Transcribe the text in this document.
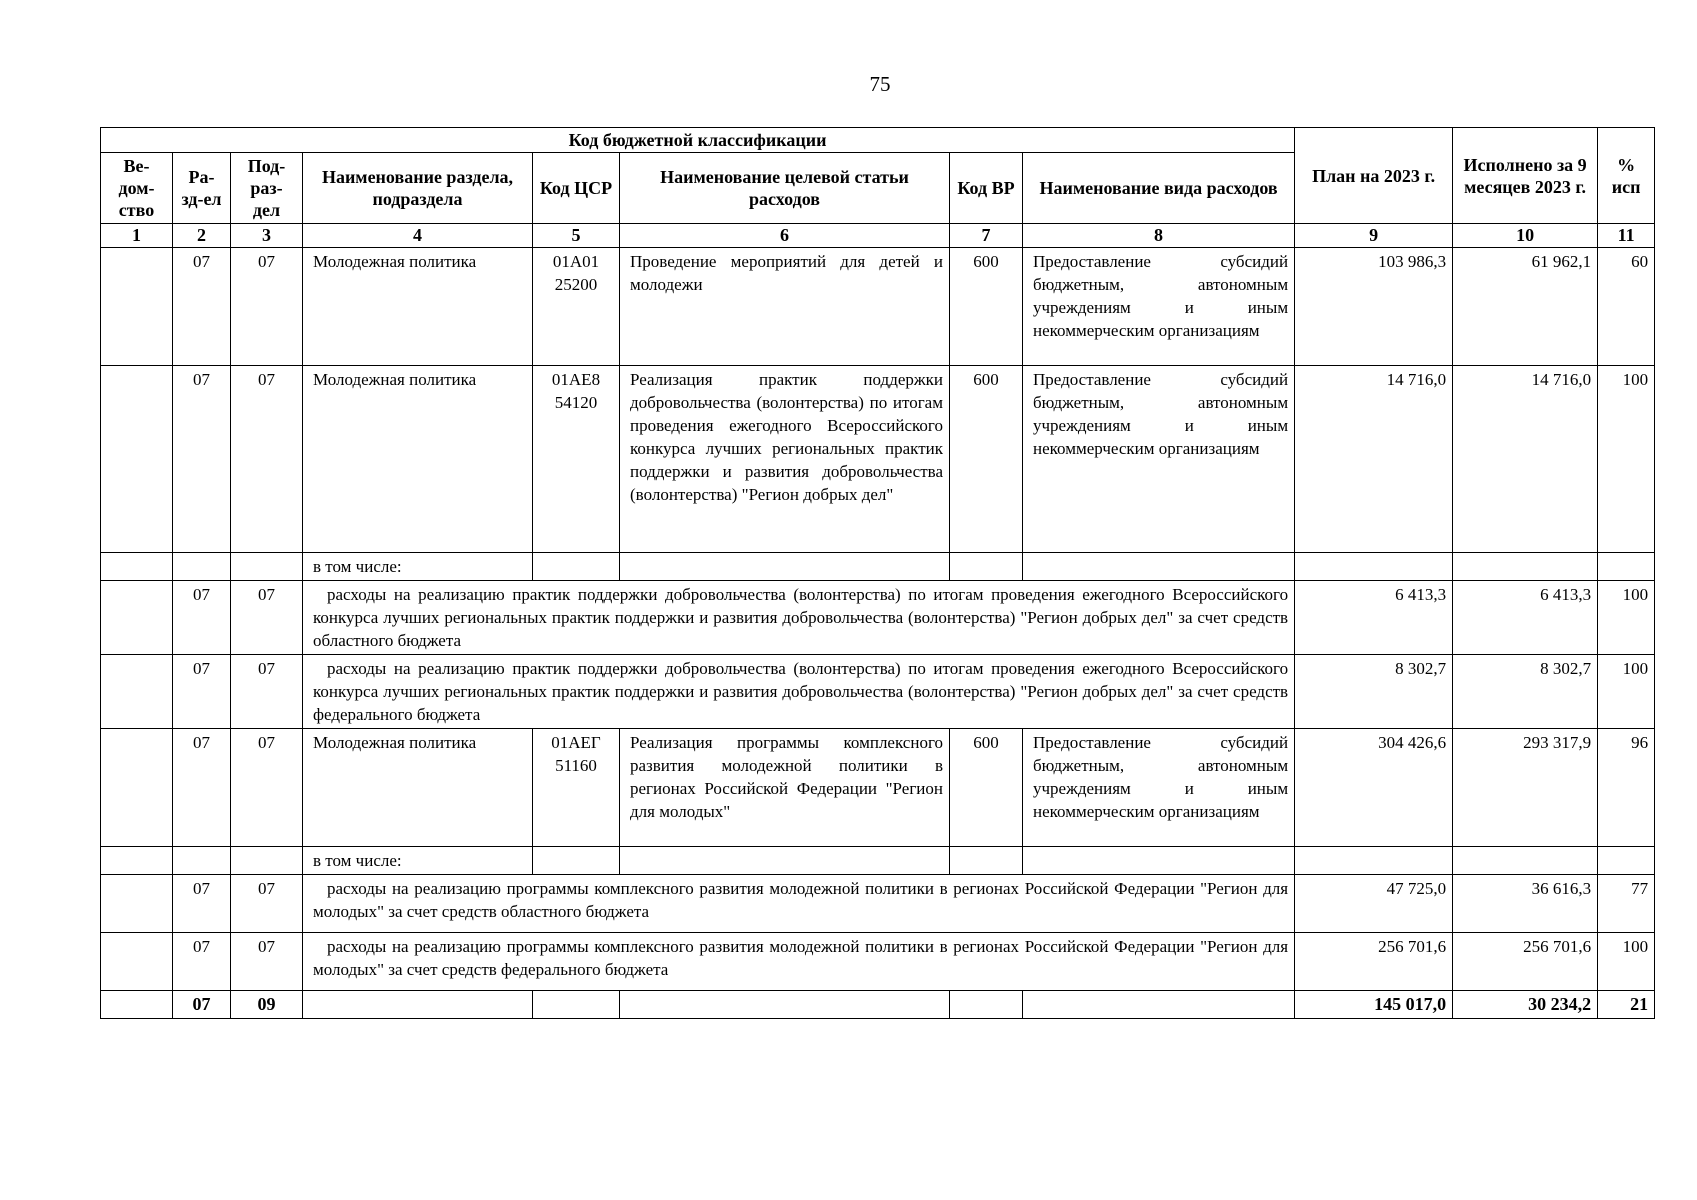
75
Код бюджетной классификации								План на 2023 г.	Исполнено за 9 месяцев 2023 г.	% исп
Ве-дом-ство	Ра-зд-ел	Под-раз-дел	Наименование раздела, подраздела	Код ЦСР	Наименование целевой статьи расходов	Код ВР	Наименование вида расходов			
1	2	3	4	5	6	7	8	9	10	11
	07	07	Молодежная политика	01А01 25200	Проведение мероприятий для детей и молодежи	600	Предоставление субсидий бюджетным, автономным учреждениям и иным некоммерческим организациям	103 986,3	61 962,1	60
	07	07	Молодежная политика	01АЕ8 54120	Реализация практик поддержки добровольчества (волонтерства) по итогам проведения ежегодного Всероссийского конкурса лучших региональных практик поддержки и развития добровольчества (волонтерства) "Регион добрых дел"	600	Предоставление субсидий бюджетным, автономным учреждениям и иным некоммерческим организациям	14 716,0	14 716,0	100
			в том числе:							
	07	07	расходы на реализацию практик поддержки добровольчества (волонтерства) по итогам проведения ежегодного Всероссийского конкурса лучших региональных практик поддержки и развития добровольчества (волонтерства) "Регион добрых дел" за счет средств областного бюджета					6 413,3	6 413,3	100
	07	07	расходы на реализацию практик поддержки добровольчества (волонтерства) по итогам проведения ежегодного Всероссийского конкурса лучших региональных практик поддержки и развития добровольчества (волонтерства) "Регион добрых дел" за счет средств федерального бюджета					8 302,7	8 302,7	100
	07	07	Молодежная политика	01АЕГ 51160	Реализация программы комплексного развития молодежной политики в регионах Российской Федерации "Регион для молодых"	600	Предоставление субсидий бюджетным, автономным учреждениям и иным некоммерческим организациям	304 426,6	293 317,9	96
			в том числе:							
	07	07	расходы на реализацию программы комплексного развития молодежной политики в регионах Российской Федерации "Регион для молодых" за счет средств областного бюджета					47 725,0	36 616,3	77
	07	07	расходы на реализацию программы комплексного развития молодежной политики в регионах Российской Федерации "Регион для молодых" за счет средств федерального бюджета					256 701,6	256 701,6	100
	07	09						145 017,0	30 234,2	21
